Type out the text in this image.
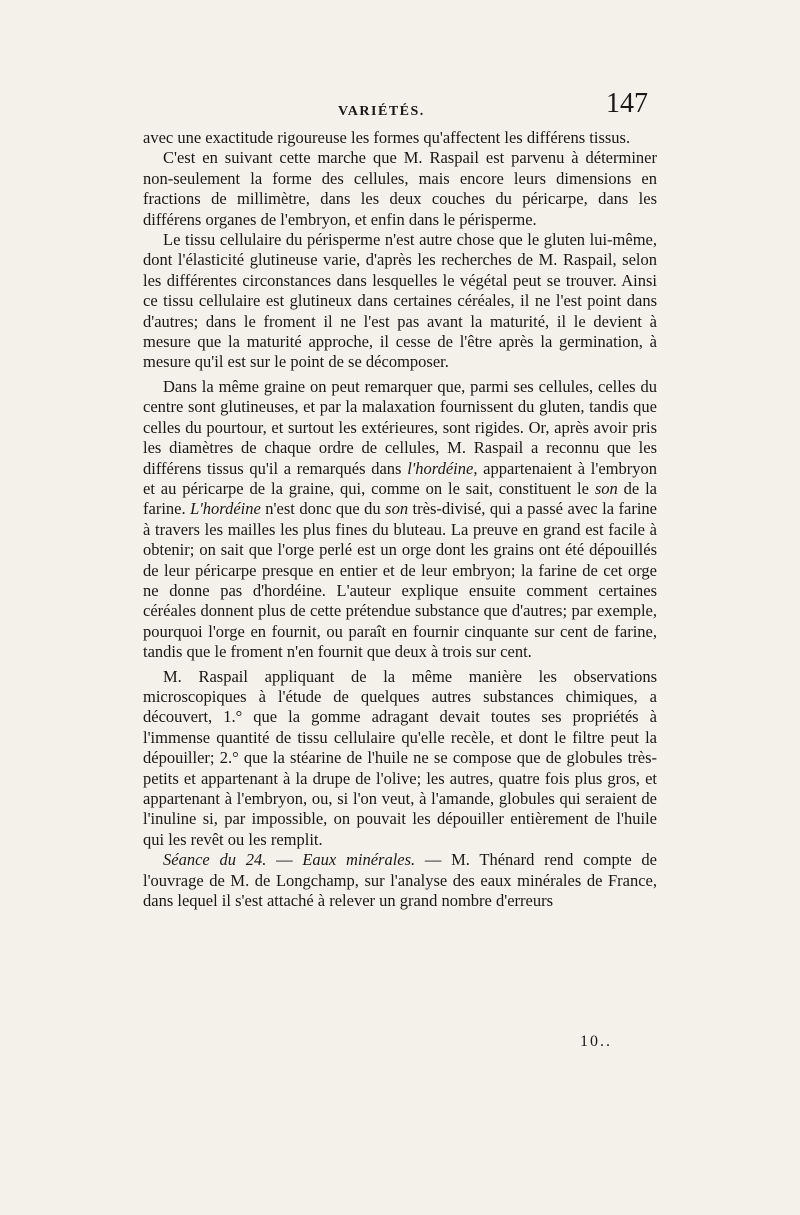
VARIÉTÉS.	147

avec une exactitude rigoureuse les formes qu'affectent les différens tissus.

C'est en suivant cette marche que M. Raspail est parvenu à déterminer non-seulement la forme des cellules, mais encore leurs dimensions en fractions de millimètre, dans les deux couches du péricarpe, dans les différens organes de l'embryon, et enfin dans le périsperme.

Le tissu cellulaire du périsperme n'est autre chose que le gluten lui-même, dont l'élasticité glutineuse varie, d'après les recherches de M. Raspail, selon les différentes circonstances dans lesquelles le végétal peut se trouver. Ainsi ce tissu cellulaire est glutineux dans certaines céréales, il ne l'est point dans d'autres; dans le froment il ne l'est pas avant la maturité, il le devient à mesure que la maturité approche, il cesse de l'être après la germination, à mesure qu'il est sur le point de se décomposer.

Dans la même graine on peut remarquer que, parmi ses cellules, celles du centre sont glutineuses, et par la malaxation fournissent du gluten, tandis que celles du pourtour, et surtout les extérieures, sont rigides. Or, après avoir pris les diamètres de chaque ordre de cellules, M. Raspail a reconnu que les différens tissus qu'il a remarqués dans l'hordéine, appartenaient à l'embryon et au péricarpe de la graine, qui, comme on le sait, constituent le son de la farine. L'hordéine n'est donc que du son très-divisé, qui a passé avec la farine à travers les mailles les plus fines du bluteau. La preuve en grand est facile à obtenir; on sait que l'orge perlé est un orge dont les grains ont été dépouillés de leur péricarpe presque en entier et de leur embryon; la farine de cet orge ne donne pas d'hordéine. L'auteur explique ensuite comment certaines céréales donnent plus de cette prétendue substance que d'autres; par exemple, pourquoi l'orge en fournit, ou paraît en fournir cinquante sur cent de farine, tandis que le froment n'en fournit que deux à trois sur cent.

M. Raspail appliquant de la même manière les observations microscopiques à l'étude de quelques autres substances chimiques, a découvert, 1.° que la gomme adragant devait toutes ses propriétés à l'immense quantité de tissu cellulaire qu'elle recèle, et dont le filtre peut la dépouiller; 2.° que la stéarine de l'huile ne se compose que de globules très-petits et appartenant à la drupe de l'olive; les autres, quatre fois plus gros, et appartenant à l'embryon, ou, si l'on veut, à l'amande, globules qui seraient de l'inuline si, par impossible, on pouvait les dépouiller entièrement de l'huile qui les revêt ou les remplit.

Séance du 24. — Eaux minérales. — M. Thénard rend compte de l'ouvrage de M. de Longchamp, sur l'analyse des eaux minérales de France, dans lequel il s'est attaché à relever un grand nombre d'erreurs

10..
